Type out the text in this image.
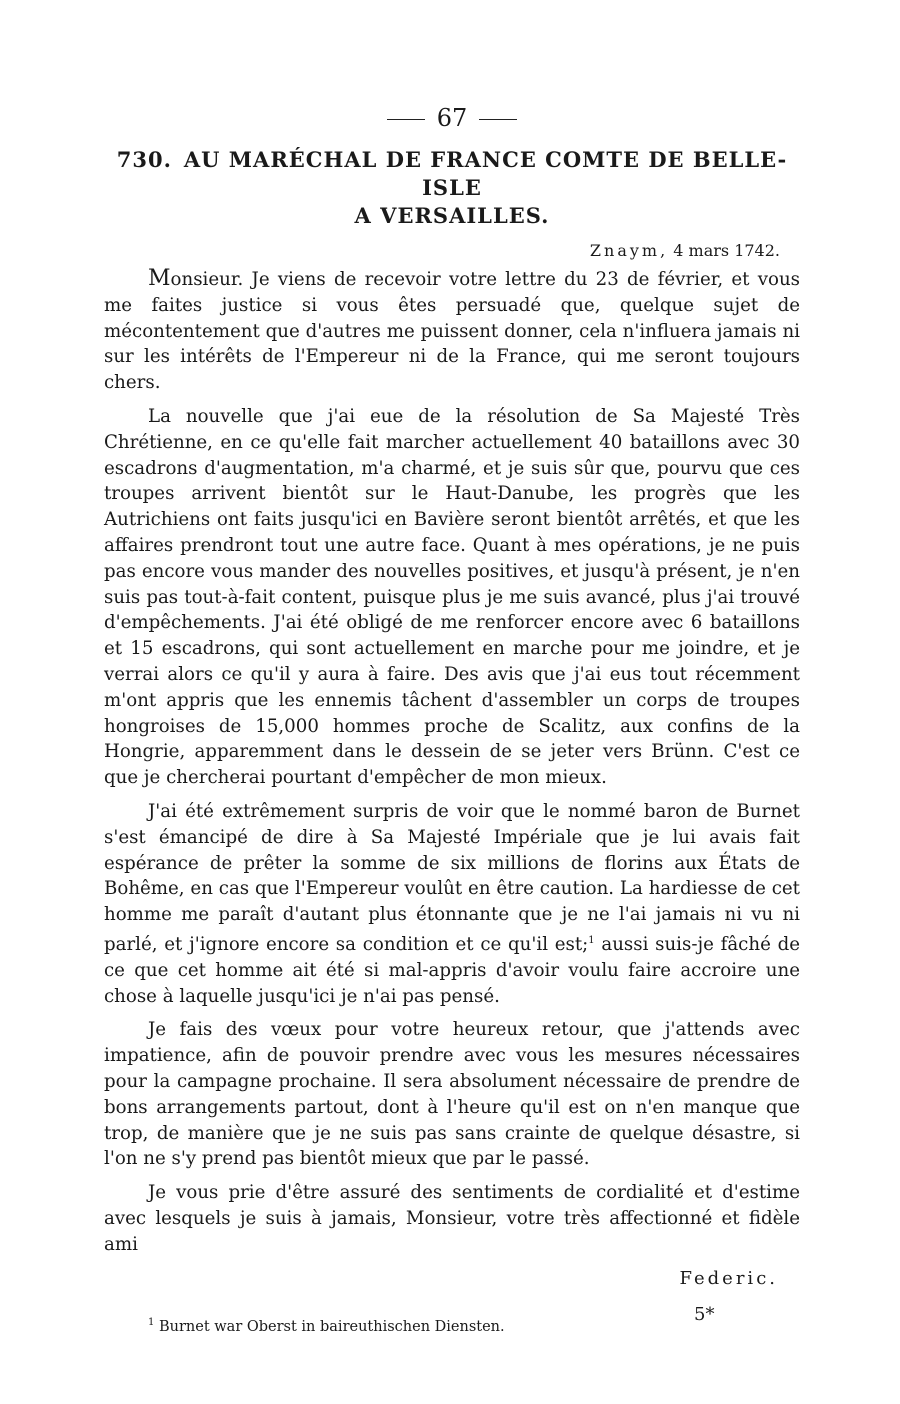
67
730. AU MARÉCHAL DE FRANCE COMTE DE BELLE-ISLE
A VERSAILLES.
Znaym, 4 mars 1742.

Monsieur. Je viens de recevoir votre lettre du 23 de février, et vous me faites justice si vous êtes persuadé que, quelque sujet de mécontentement que d'autres me puissent donner, cela n'influera jamais ni sur les intérêts de l'Empereur ni de la France, qui me seront toujours chers.

La nouvelle que j'ai eue de la résolution de Sa Majesté Très Chrétienne, en ce qu'elle fait marcher actuellement 40 bataillons avec 30 escadrons d'augmentation, m'a charmé, et je suis sûr que, pourvu que ces troupes arrivent bientôt sur le Haut-Danube, les progrès que les Autrichiens ont faits jusqu'ici en Bavière seront bientôt arrêtés, et que les affaires prendront tout une autre face. Quant à mes opérations, je ne puis pas encore vous mander des nouvelles positives, et jusqu'à présent, je n'en suis pas tout-à-fait content, puisque plus je me suis avancé, plus j'ai trouvé d'empêchements. J'ai été obligé de me renforcer encore avec 6 bataillons et 15 escadrons, qui sont actuellement en marche pour me joindre, et je verrai alors ce qu'il y aura à faire. Des avis que j'ai eus tout récemment m'ont appris que les ennemis tâchent d'assembler un corps de troupes hongroises de 15,000 hommes proche de Scalitz, aux confins de la Hongrie, apparemment dans le dessein de se jeter vers Brünn. C'est ce que je chercherai pourtant d'empêcher de mon mieux.

J'ai été extrêmement surpris de voir que le nommé baron de Burnet s'est émancipé de dire à Sa Majesté Impériale que je lui avais fait espérance de prêter la somme de six millions de florins aux États de Bohême, en cas que l'Empereur voulût en être caution. La hardiesse de cet homme me paraît d'autant plus étonnante que je ne l'ai jamais ni vu ni parlé, et j'ignore encore sa condition et ce qu'il est;$^1$ aussi suis-je fâché de ce que cet homme ait été si mal-appris d'avoir voulu faire accroire une chose à laquelle jusqu'ici je n'ai pas pensé.

Je fais des vœux pour votre heureux retour, que j'attends avec impatience, afin de pouvoir prendre avec vous les mesures nécessaires pour la campagne prochaine. Il sera absolument nécessaire de prendre de bons arrangements partout, dont à l'heure qu'il est on n'en manque que trop, de manière que je ne suis pas sans crainte de quelque désastre, si l'on ne s'y prend pas bientôt mieux que par le passé.

Je vous prie d'être assuré des sentiments de cordialité et d'estime avec lesquels je suis à jamais, Monsieur, votre très affectionné et fidèle ami

Federic.
$^1$ Burnet war Oberst in baireuthischen Diensten.
5*
